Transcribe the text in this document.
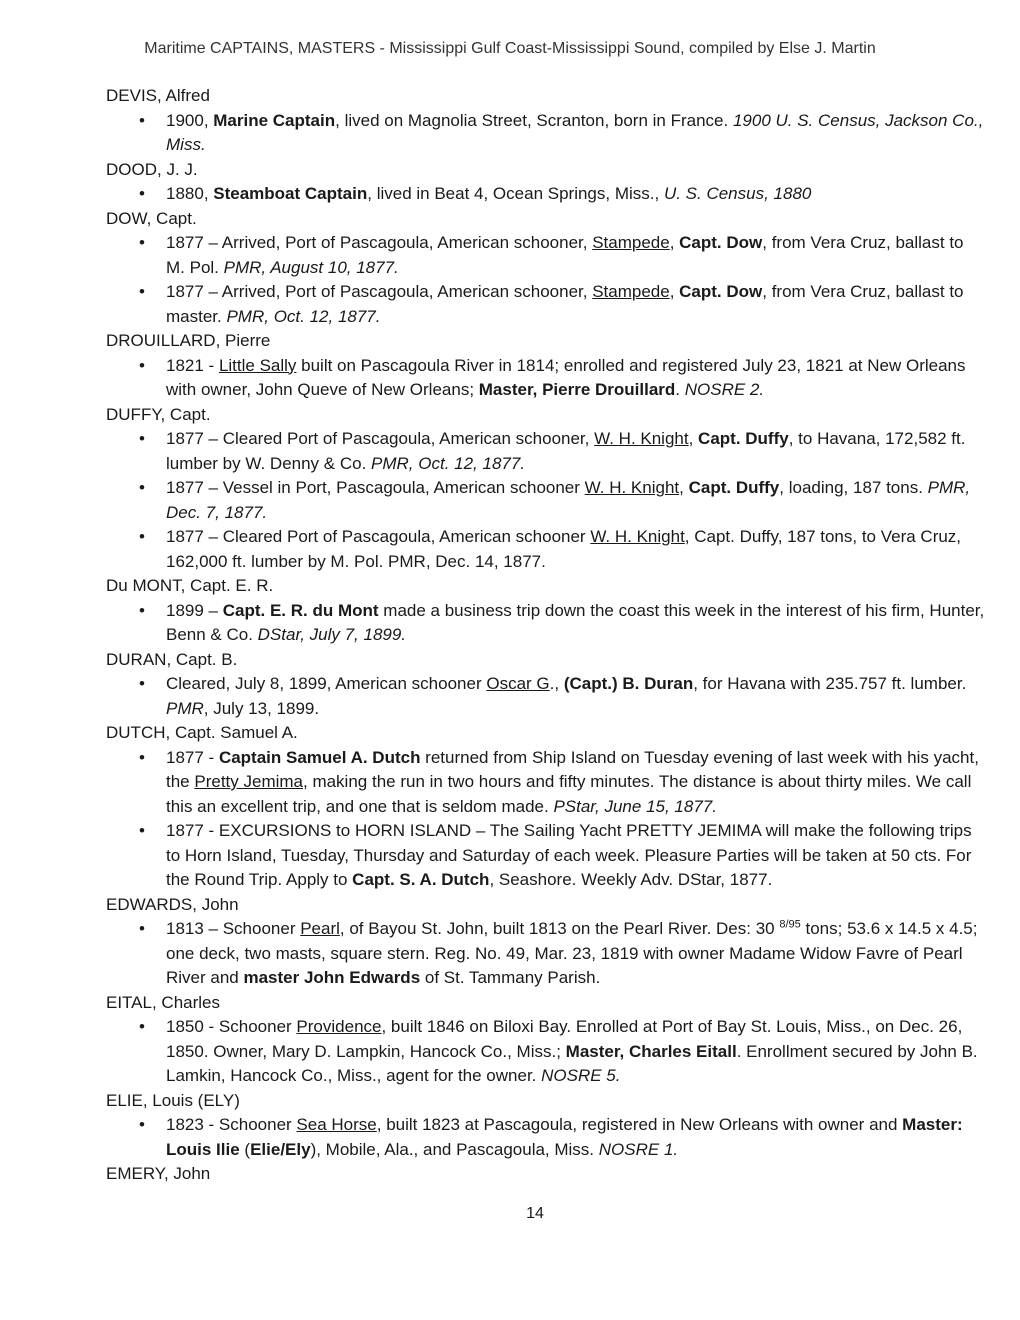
Maritime CAPTAINS, MASTERS - Mississippi Gulf Coast-Mississippi Sound, compiled by Else J. Martin
DEVIS, Alfred
• 1900, Marine Captain, lived on Magnolia Street, Scranton, born in France. 1900 U. S. Census, Jackson Co., Miss.
DOOD, J. J.
• 1880, Steamboat Captain, lived in Beat 4, Ocean Springs, Miss., U. S. Census, 1880
DOW, Capt.
• 1877 – Arrived, Port of Pascagoula, American schooner, Stampede, Capt. Dow, from Vera Cruz, ballast to M. Pol. PMR, August 10, 1877.
• 1877 – Arrived, Port of Pascagoula, American schooner, Stampede, Capt. Dow, from Vera Cruz, ballast to master. PMR, Oct. 12, 1877.
DROUILLARD, Pierre
• 1821 - Little Sally built on Pascagoula River in 1814; enrolled and registered July 23, 1821 at New Orleans with owner, John Queve of New Orleans; Master, Pierre Drouillard. NOSRE 2.
DUFFY, Capt.
• 1877 – Cleared Port of Pascagoula, American schooner, W. H. Knight, Capt. Duffy, to Havana, 172,582 ft. lumber by W. Denny & Co. PMR, Oct. 12, 1877.
• 1877 – Vessel in Port, Pascagoula, American schooner W. H. Knight, Capt. Duffy, loading, 187 tons. PMR, Dec. 7, 1877.
• 1877 – Cleared Port of Pascagoula, American schooner W. H. Knight, Capt. Duffy, 187 tons, to Vera Cruz, 162,000 ft. lumber by M. Pol. PMR, Dec. 14, 1877.
Du MONT, Capt. E. R.
• 1899 – Capt. E. R. du Mont made a business trip down the coast this week in the interest of his firm, Hunter, Benn & Co. DStar, July 7, 1899.
DURAN, Capt. B.
• Cleared, July 8, 1899, American schooner Oscar G., (Capt.) B. Duran, for Havana with 235.757 ft. lumber. PMR, July 13, 1899.
DUTCH, Capt. Samuel A.
• 1877 - Captain Samuel A. Dutch returned from Ship Island on Tuesday evening of last week with his yacht, the Pretty Jemima, making the run in two hours and fifty minutes. The distance is about thirty miles. We call this an excellent trip, and one that is seldom made. PStar, June 15, 1877.
• 1877 - EXCURSIONS to HORN ISLAND – The Sailing Yacht PRETTY JEMIMA will make the following trips to Horn Island, Tuesday, Thursday and Saturday of each week. Pleasure Parties will be taken at 50 cts. For the Round Trip. Apply to Capt. S. A. Dutch, Seashore. Weekly Adv. DStar, 1877.
EDWARDS, John
• 1813 – Schooner Pearl, of Bayou St. John, built 1813 on the Pearl River. Des: 30 $^{8/95}$ tons; 53.6 x 14.5 x 4.5; one deck, two masts, square stern. Reg. No. 49, Mar. 23, 1819 with owner Madame Widow Favre of Pearl River and master John Edwards of St. Tammany Parish.
EITAL, Charles
• 1850 - Schooner Providence, built 1846 on Biloxi Bay. Enrolled at Port of Bay St. Louis, Miss., on Dec. 26, 1850. Owner, Mary D. Lampkin, Hancock Co., Miss.; Master, Charles Eitall. Enrollment secured by John B. Lamkin, Hancock Co., Miss., agent for the owner. NOSRE 5.
ELIE, Louis (ELY)
• 1823 - Schooner Sea Horse, built 1823 at Pascagoula, registered in New Orleans with owner and Master: Louis Ilie (Elie/Ely), Mobile, Ala., and Pascagoula, Miss. NOSRE 1.
EMERY, John
14
